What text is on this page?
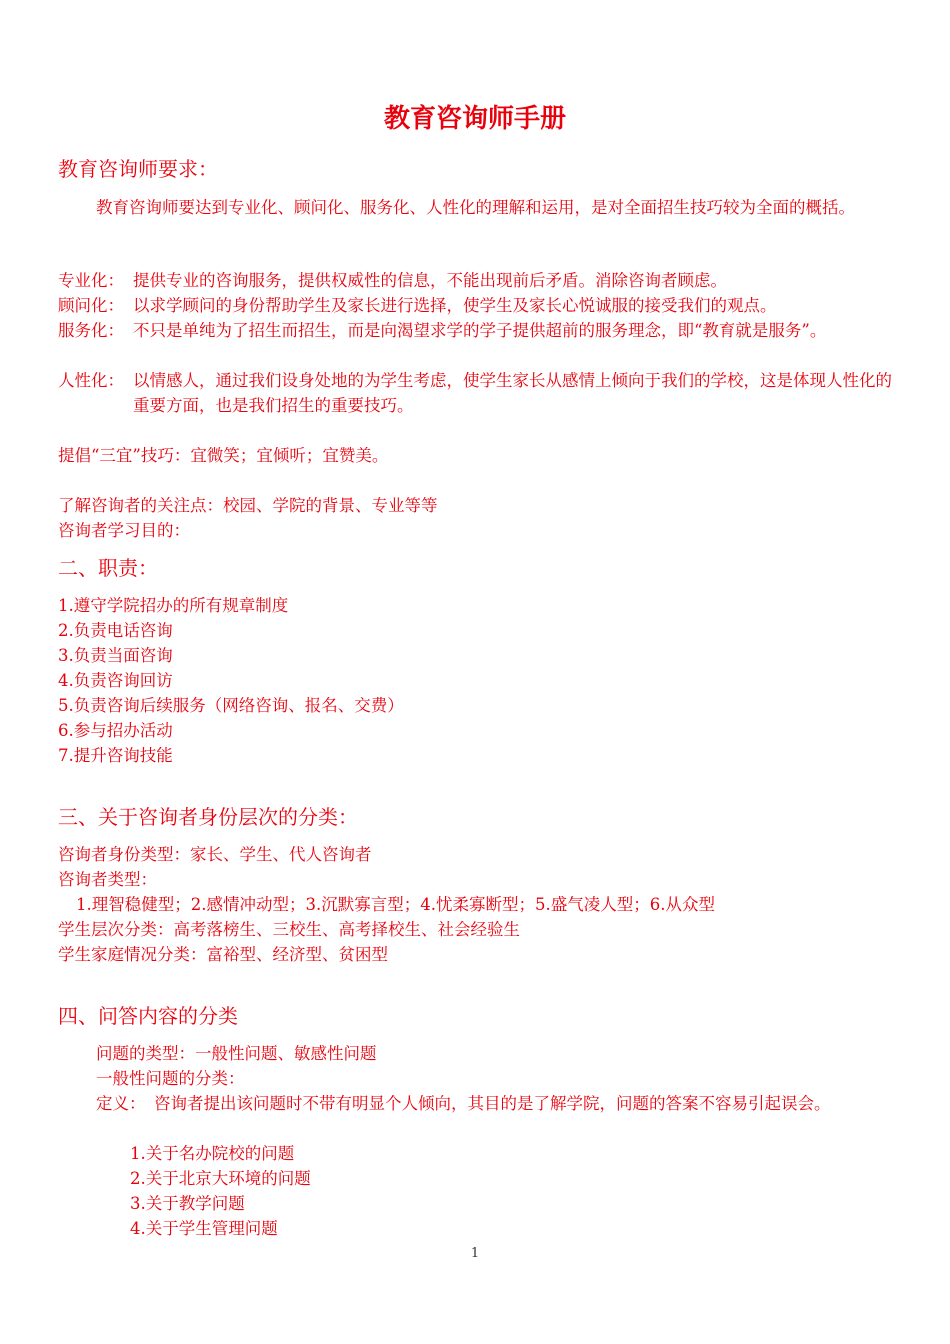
教育咨询师手册
教育咨询师要求：
教育咨询师要达到专业化、顾问化、服务化、人性化的理解和运用，是对全面招生技巧较为全面的概括。
专业化： 提供专业的咨询服务，提供权威性的信息，不能出现前后矛盾。消除咨询者顾虑。
顾问化： 以求学顾问的身份帮助学生及家长进行选择，使学生及家长心悦诚服的接受我们的观点。
服务化： 不只是单纯为了招生而招生，而是向渴望求学的学子提供超前的服务理念，即“教育就是服务”。
人性化： 以情感人，通过我们设身处地的为学生考虑，使学生家长从感情上倾向于我们的学校，这是体现人性化的重要方面，也是我们招生的重要技巧。
提倡“三宜”技巧：宜微笑；宜倾听；宜赞美。
了解咨询者的关注点：校园、学院的背景、专业等等
咨询者学习目的：
二、职责：
1.遵守学院招办的所有规章制度
2.负责电话咨询
3.负责当面咨询
4.负责咨询回访
5.负责咨询后续服务（网络咨询、报名、交费）
6.参与招办活动
7.提升咨询技能
三、关于咨询者身份层次的分类：
咨询者身份类型：家长、学生、代人咨询者
咨询者类型：
1.理智稳健型；2.感情冲动型；3.沉默寡言型；4.忧柔寡断型；5.盛气凌人型；6.从众型
学生层次分类：高考落榜生、三校生、高考择校生、社会经验生
学生家庭情况分类：富裕型、经济型、贫困型
四、问答内容的分类
问题的类型：一般性问题、敏感性问题
一般性问题的分类：
定义： 咨询者提出该问题时不带有明显个人倾向，其目的是了解学院，问题的答案不容易引起误会。
1.关于名办院校的问题
2.关于北京大环境的问题
3.关于教学问题
4.关于学生管理问题
1
